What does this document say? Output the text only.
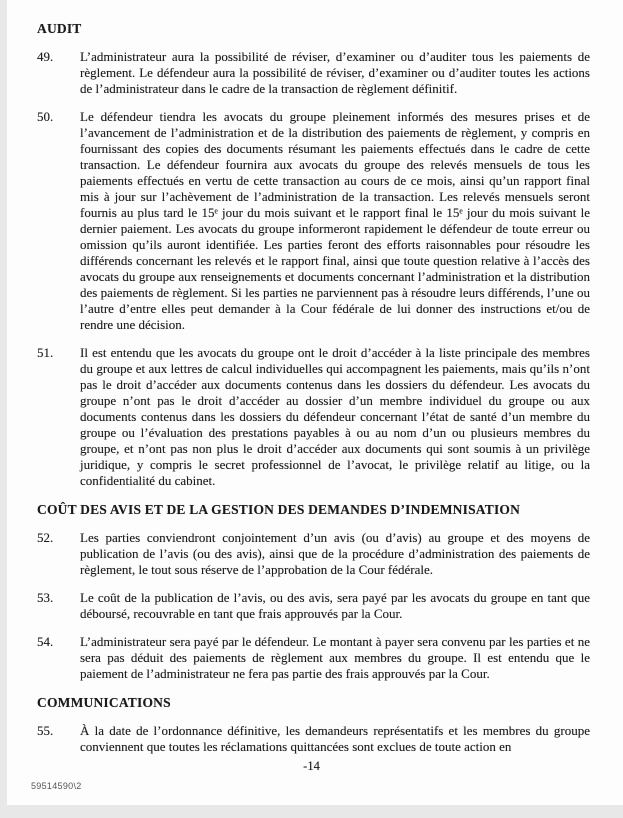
AUDIT
49.	L’administrateur aura la possibilité de réviser, d’examiner ou d’auditer tous les paiements de règlement. Le défendeur aura la possibilité de réviser, d’examiner ou d’auditer toutes les actions de l’administrateur dans le cadre de la transaction de règlement définitif.
50.	Le défendeur tiendra les avocats du groupe pleinement informés des mesures prises et de l’avancement de l’administration et de la distribution des paiements de règlement, y compris en fournissant des copies des documents résumant les paiements effectués dans le cadre de cette transaction. Le défendeur fournira aux avocats du groupe des relevés mensuels de tous les paiements effectués en vertu de cette transaction au cours de ce mois, ainsi qu’un rapport final mis à jour sur l’achèvement de l’administration de la transaction. Les relevés mensuels seront fournis au plus tard le 15ᵉ jour du mois suivant et le rapport final le 15ᵉ jour du mois suivant le dernier paiement. Les avocats du groupe informeront rapidement le défendeur de toute erreur ou omission qu’ils auront identifiée. Les parties feront des efforts raisonnables pour résoudre les différends concernant les relevés et le rapport final, ainsi que toute question relative à l’accès des avocats du groupe aux renseignements et documents concernant l’administration et la distribution des paiements de règlement. Si les parties ne parviennent pas à résoudre leurs différends, l’une ou l’autre d’entre elles peut demander à la Cour fédérale de lui donner des instructions et/ou de rendre une décision.
51.	Il est entendu que les avocats du groupe ont le droit d’accéder à la liste principale des membres du groupe et aux lettres de calcul individuelles qui accompagnent les paiements, mais qu’ils n’ont pas le droit d’accéder aux documents contenus dans les dossiers du défendeur. Les avocats du groupe n’ont pas le droit d’accéder au dossier d’un membre individuel du groupe ou aux documents contenus dans les dossiers du défendeur concernant l’état de santé d’un membre du groupe ou l’évaluation des prestations payables à ou au nom d’un ou plusieurs membres du groupe, et n’ont pas non plus le droit d’accéder aux documents qui sont soumis à un privilège juridique, y compris le secret professionnel de l’avocat, le privilège relatif au litige, ou la confidentialité du cabinet.
COÛT DES AVIS ET DE LA GESTION DES DEMANDES D’INDEMNISATION
52.	Les parties conviendront conjointement d’un avis (ou d’avis) au groupe et des moyens de publication de l’avis (ou des avis), ainsi que de la procédure d’administration des paiements de règlement, le tout sous réserve de l’approbation de la Cour fédérale.
53.	Le coût de la publication de l’avis, ou des avis, sera payé par les avocats du groupe en tant que déboursé, recouvrable en tant que frais approuvés par la Cour.
54.	L’administrateur sera payé par le défendeur. Le montant à payer sera convenu par les parties et ne sera pas déduit des paiements de règlement aux membres du groupe. Il est entendu que le paiement de l’administrateur ne fera pas partie des frais approuvés par la Cour.
COMMUNICATIONS
55.	À la date de l’ordonnance définitive, les demandeurs représentatifs et les membres du groupe conviennent que toutes les réclamations quittancées sont exclues de toute action en
-14
59514590\2
